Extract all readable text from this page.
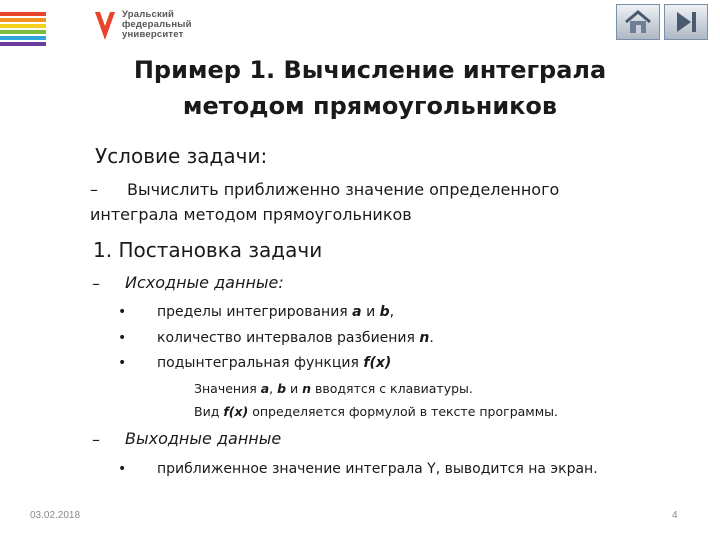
Уральский
федеральный
университет
Пример 1. Вычисление интеграла
методом прямоугольников
Условие задачи:
– Вычислить приближенно значение определенного
интеграла методом прямоугольников
1. Постановка задачи
– Исходные данные:
• пределы интегрирования a и b,
• количество интервалов разбиения n.
• подынтегральная функция f(x)
Значения a, b и n вводятся с клавиатуры.
Вид f(x) определяется формулой в тексте программы.
– Выходные данные
• приближенное значение интеграла Y, выводится на экран.
03.02.2018	4
